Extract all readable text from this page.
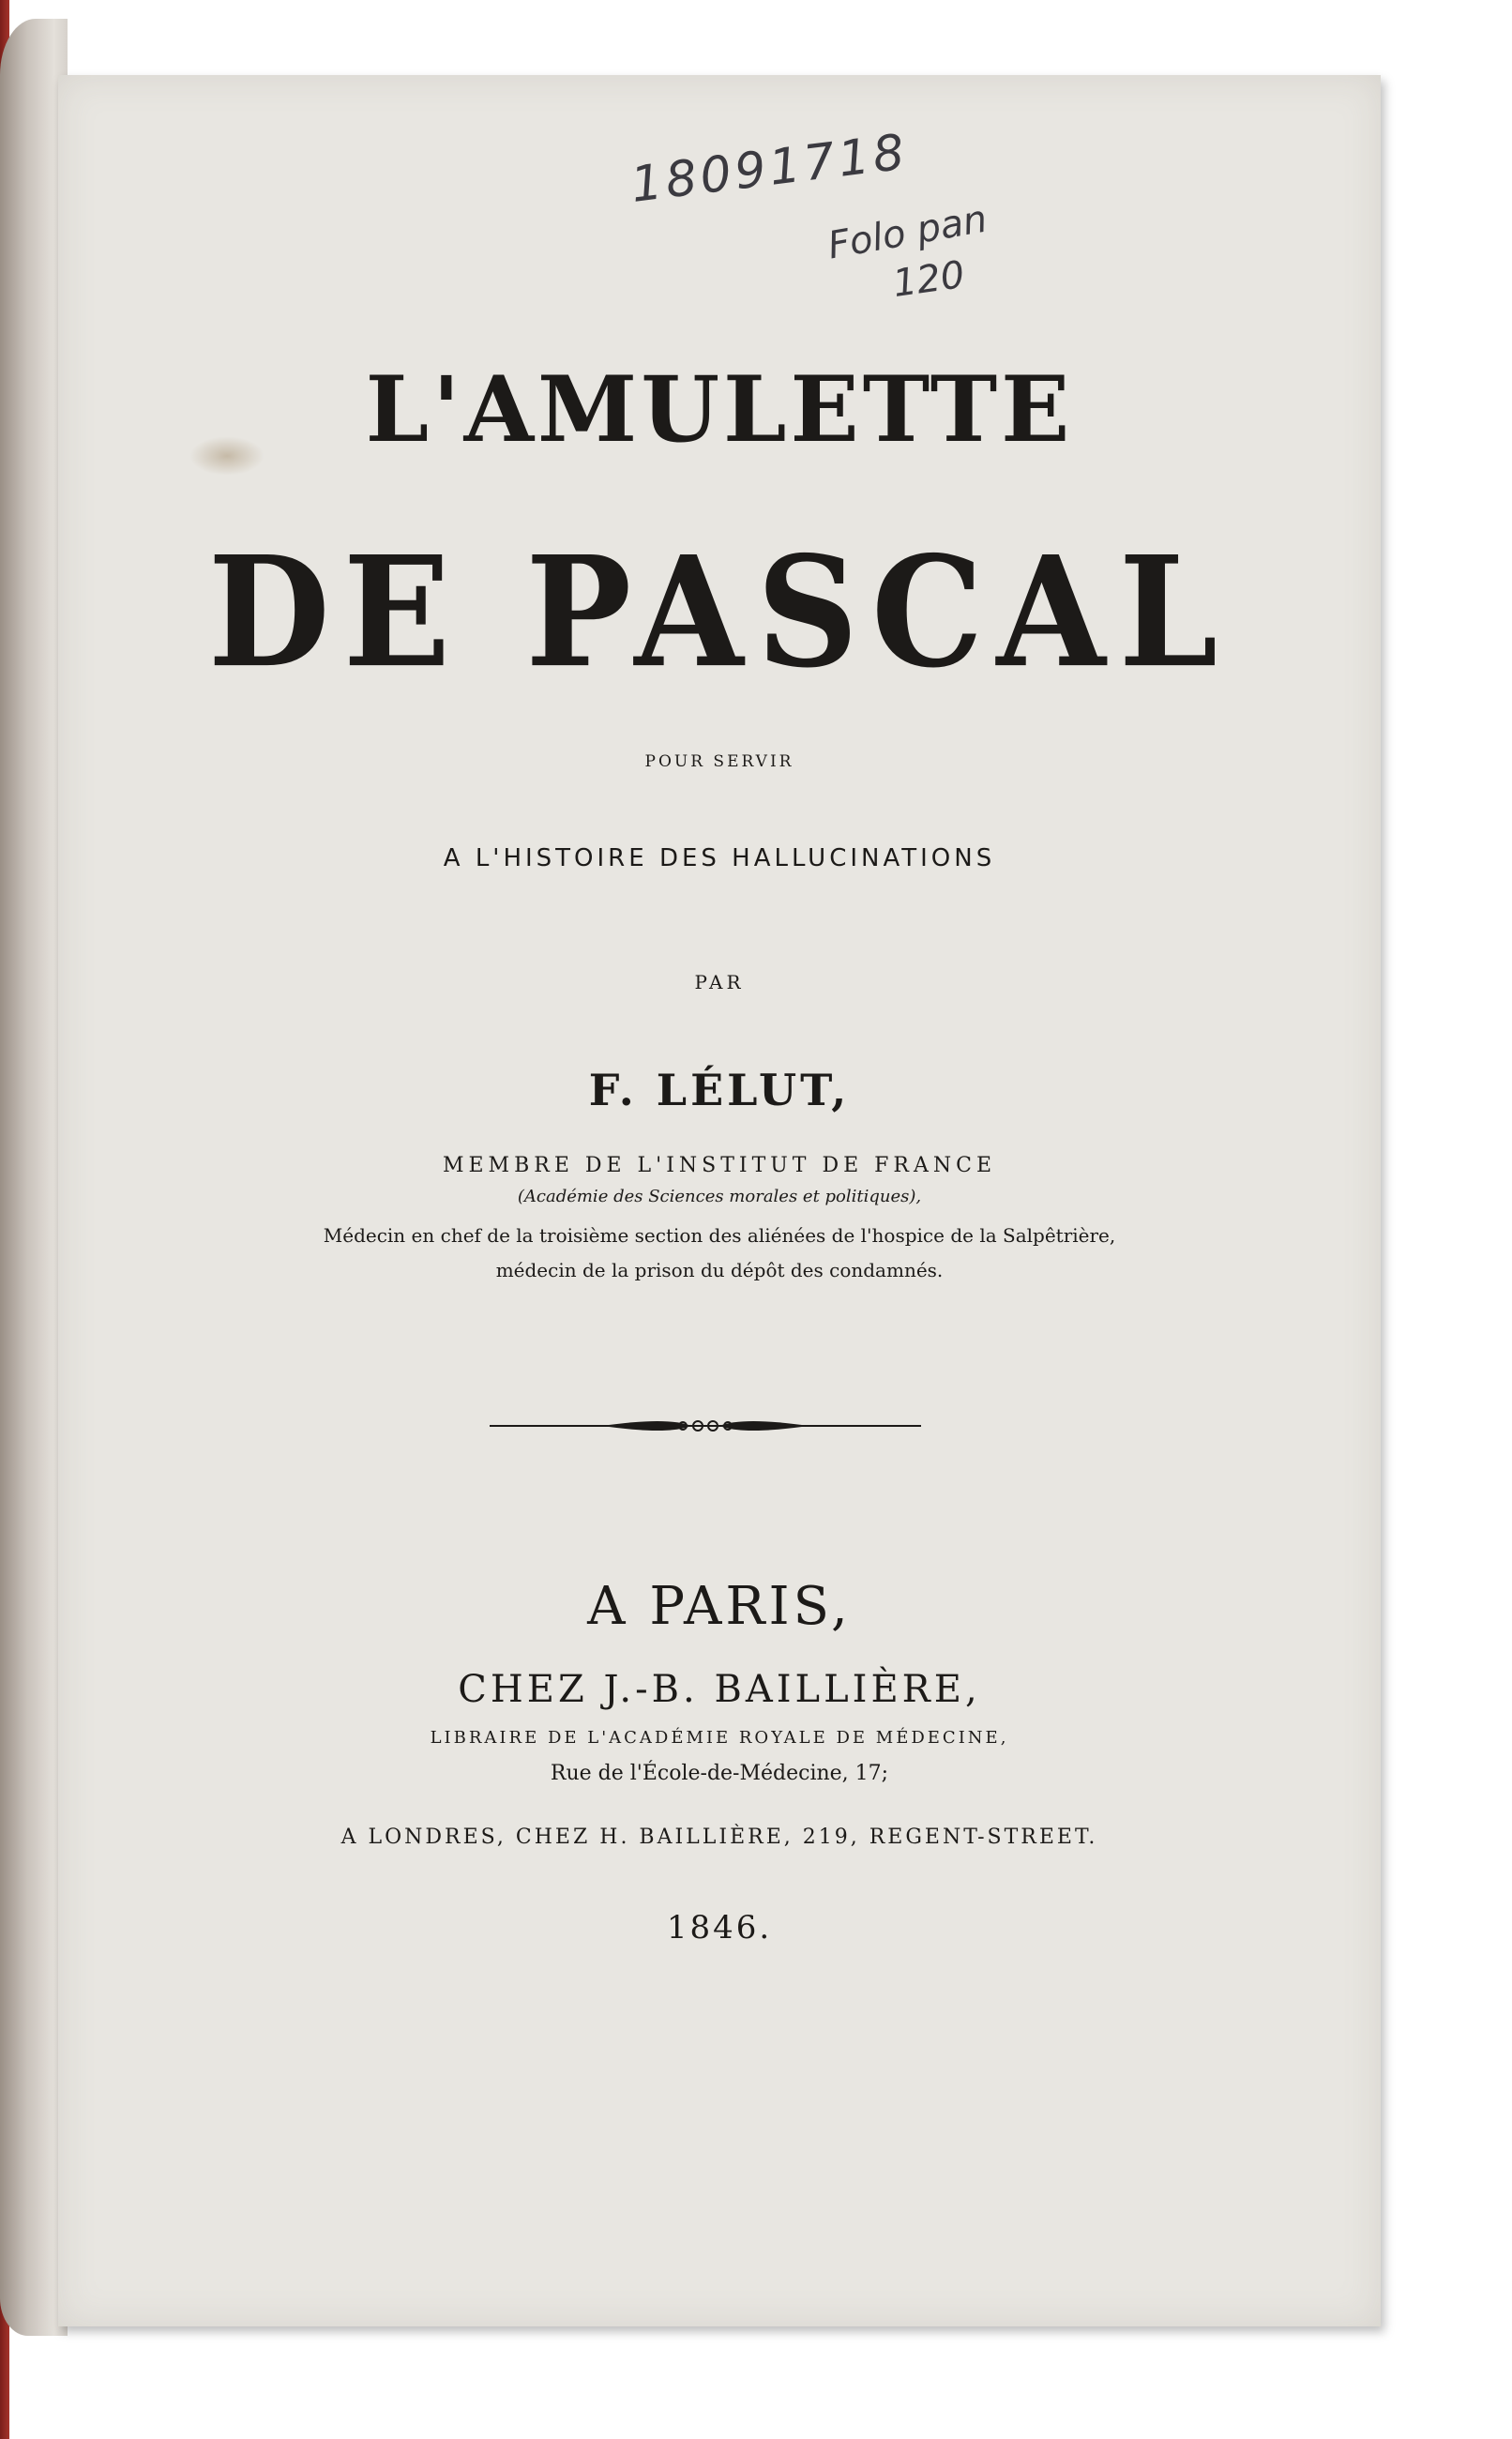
18091718
Folo pan
120
L'AMULETTE
DE PASCAL
POUR SERVIR
A L'HISTOIRE DES HALLUCINATIONS
PAR
F. LÉLUT,
MEMBRE DE L'INSTITUT DE FRANCE
(Académie des Sciences morales et politiques),
Médecin en chef de la troisième section des aliénées de l'hospice de la Salpêtrière,
médecin de la prison du dépôt des condamnés.
A PARIS,
CHEZ J.-B. BAILLIÈRE,
LIBRAIRE DE L'ACADÉMIE ROYALE DE MÉDECINE,
Rue de l'École-de-Médecine, 17;
A LONDRES, CHEZ H. BAILLIÈRE, 219, REGENT-STREET.
1846.
